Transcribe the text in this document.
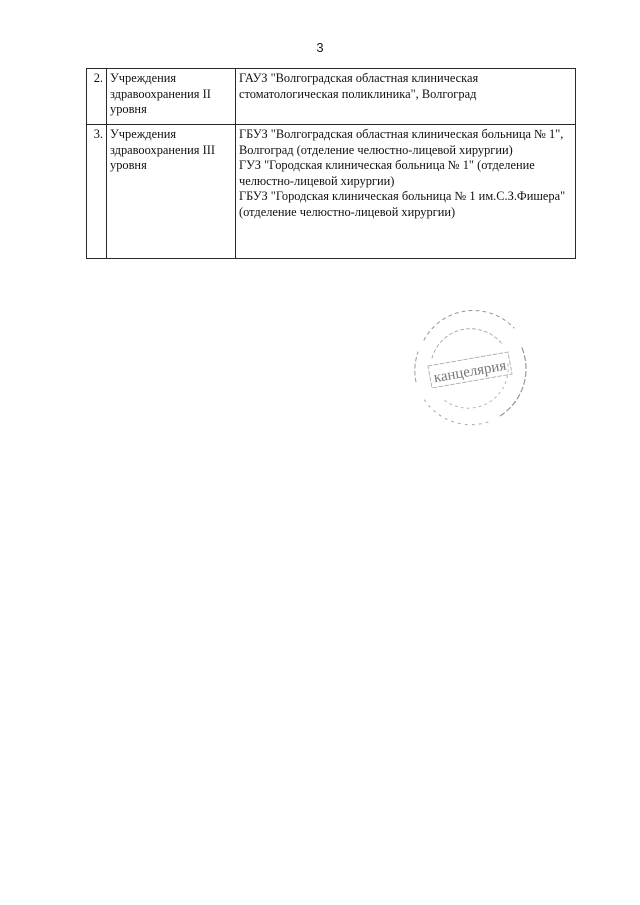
3
2.	Учреждения здравоохранения II уровня	ГАУЗ "Волгоградская областная клиническая стоматологическая поликлиника", Волгоград

3.	Учреждения здравоохранения III уровня	ГБУЗ "Волгоградская областная клиническая больница № 1", Волгоград (отделение челюстно-лицевой хирургии)
ГУЗ "Городская клиническая больница № 1" (отделение челюстно-лицевой хирургии)
ГБУЗ "Городская клиническая больница № 1 им.С.З.Фишера" (отделение челюстно-лицевой хирургии)
канцелярия
